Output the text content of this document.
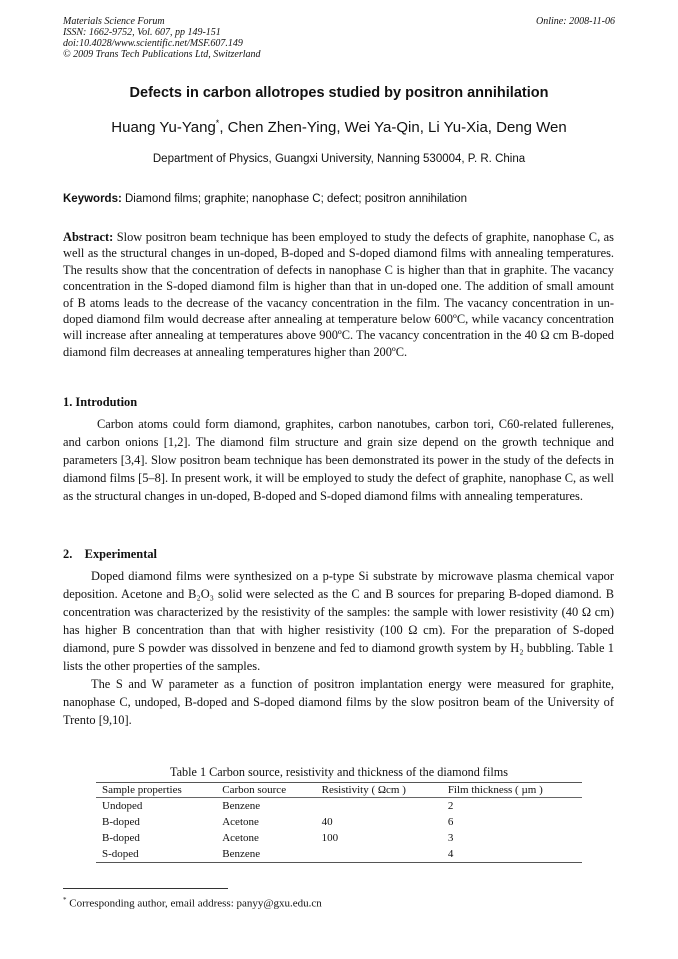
Materials Science Forum
ISSN: 1662-9752, Vol. 607, pp 149-151
doi:10.4028/www.scientific.net/MSF.607.149
© 2009 Trans Tech Publications Ltd, Switzerland
Online: 2008-11-06
Defects in carbon allotropes studied by positron annihilation
Huang Yu-Yang*, Chen Zhen-Ying, Wei Ya-Qin, Li Yu-Xia, Deng Wen
Department of Physics, Guangxi University, Nanning 530004, P. R. China
Keywords: Diamond films; graphite; nanophase C; defect; positron annihilation
Abstract: Slow positron beam technique has been employed to study the defects of graphite, nanophase C, as well as the structural changes in un-doped, B-doped and S-doped diamond films with annealing temperatures. The results show that the concentration of defects in nanophase C is higher than that in graphite. The vacancy concentration in the S-doped diamond film is higher than that in un-doped one. The addition of small amount of B atoms leads to the decrease of the vacancy concentration in the film. The vacancy concentration in un-doped diamond film would decrease after annealing at temperature below 600ºC, while vacancy concentration will increase after annealing at temperatures above 900ºC. The vacancy concentration in the 40 Ω cm B-doped diamond film decreases at annealing temperatures higher than 200ºC.
1. Introdution
Carbon atoms could form diamond, graphites, carbon nanotubes, carbon tori, C60-related fullerenes, and carbon onions [1,2]. The diamond film structure and grain size depend on the growth technique and parameters [3,4]. Slow positron beam technique has been demonstrated its power in the study of the defects in diamond films [5–8]. In present work, it will be employed to study the defect of graphite, nanophase C, as well as the structural changes in un-doped, B-doped and S-doped diamond films with annealing temperatures.
2.    Experimental
Doped diamond films were synthesized on a p-type Si substrate by microwave plasma chemical vapor deposition. Acetone and B₂O₃ solid were selected as the C and B sources for preparing B-doped diamond. B concentration was characterized by the resistivity of the samples: the sample with lower resistivity (40 Ω cm) has higher B concentration than that with higher resistivity (100 Ω cm). For the preparation of S-doped diamond, pure S powder was dissolved in benzene and fed to diamond growth system by H₂ bubbling. Table 1 lists the other properties of the samples.
The S and W parameter as a function of positron implantation energy were measured for graphite, nanophase C, undoped, B-doped and S-doped diamond films by the slow positron beam of the University of Trento [9,10].
Table 1 Carbon source, resistivity and thickness of the diamond films
Sample properties	Carbon source	Resistivity ( Ωcm )	Film thickness ( µm )
Undoped	Benzene		2
B-doped	Acetone	40	6
B-doped	Acetone	100	3
S-doped	Benzene		4
* Corresponding author, email address: panyy@gxu.edu.cn
